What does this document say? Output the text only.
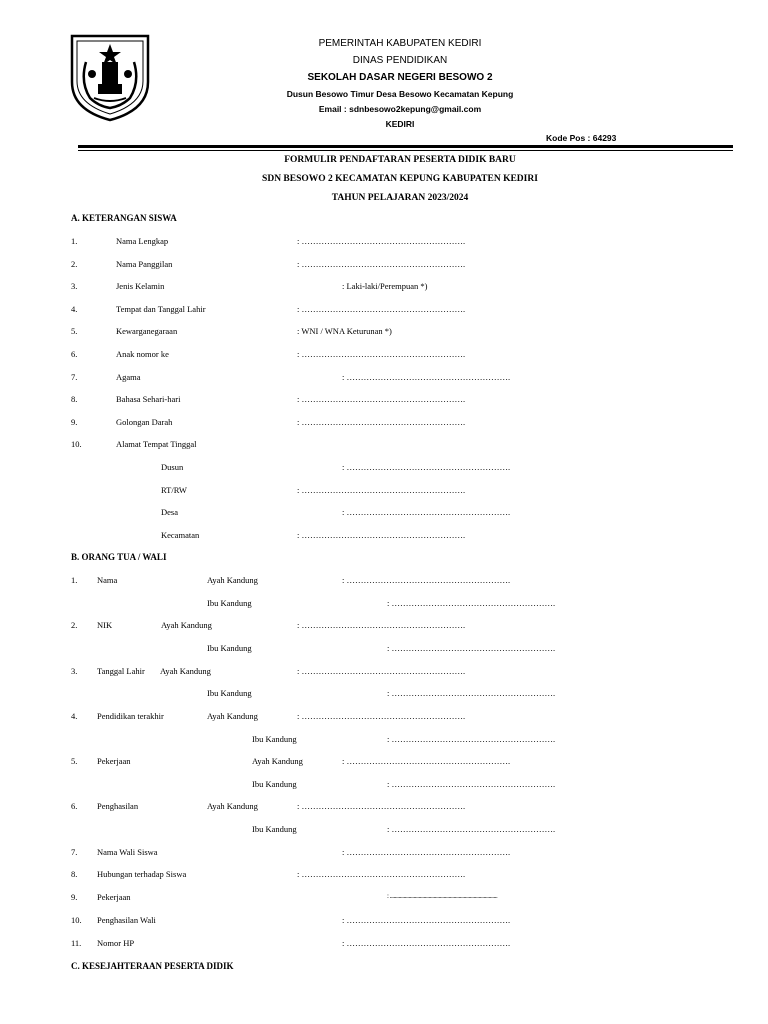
PEMERINTAH KABUPATEN KEDIRI
DINAS PENDIDIKAN
SEKOLAH DASAR NEGERI BESOWO 2
Dusun Besowo Timur Desa Besowo Kecamatan Kepung
Email : sdnbesowo2kepung@gmail.com
KEDIRI
Kode Pos : 64293
FORMULIR PENDAFTARAN PESERTA DIDIK BARU
SDN BESOWO 2 KECAMATAN KEPUNG KABUPATEN KEDIRI
TAHUN PELAJARAN 2023/2024
A. KETERANGAN SISWA
1.	Nama Lengkap	: ………………………………………………….
2.	Nama Panggilan	: ………………………………………………….
3.	Jenis Kelamin	: Laki-laki/Perempuan *)
4.	Tempat dan Tanggal Lahir	: ………………………………………………….
5.	Kewarganegaraan	: WNI / WNA Keturunan *)
6.	Anak nomor ke	: ………………………………………………….
7.	Agama	: ………………………………………………….
8.	Bahasa Sehari-hari	: ………………………………………………….
9.	Golongan Darah	: ………………………………………………….
10.	Alamat Tempat Tinggal
Dusun	: ………………………………………………….
RT/RW	: ………………………………………………….
Desa	: ………………………………………………….
Kecamatan	: ………………………………………………….
B. ORANG TUA / WALI
1. Nama	Ayah Kandung	: ………………………………………………….
Ibu Kandung	: ………………………………………………….
2. NIK	Ayah Kandung	: ………………………………………………….
Ibu Kandung	: ………………………………………………….
3. Tanggal Lahir Ayah Kandung	: ………………………………………………….
Ibu Kandung	: ………………………………………………….
4. Pendidikan terakhir	Ayah Kandung	: ………………………………………………….
Ibu Kandung	: ………………………………………………….
5. Pekerjaan	Ayah Kandung	: ………………………………………………….
Ibu Kandung	: ………………………………………………….
6. Penghasilan	Ayah Kandung	: ………………………………………………….
Ibu Kandung	: ………………………………………………….
7. Nama Wali Siswa	: ………………………………………………….
8. Hubungan terhadap Siswa	: ………………………………………………….
9. Pekerjaan	: ......................................................................................
10. Penghasilan Wali	: ………………………………………………….
11. Nomor HP	: ………………………………………………….
C. KESEJAHTERAAN PESERTA DIDIK
